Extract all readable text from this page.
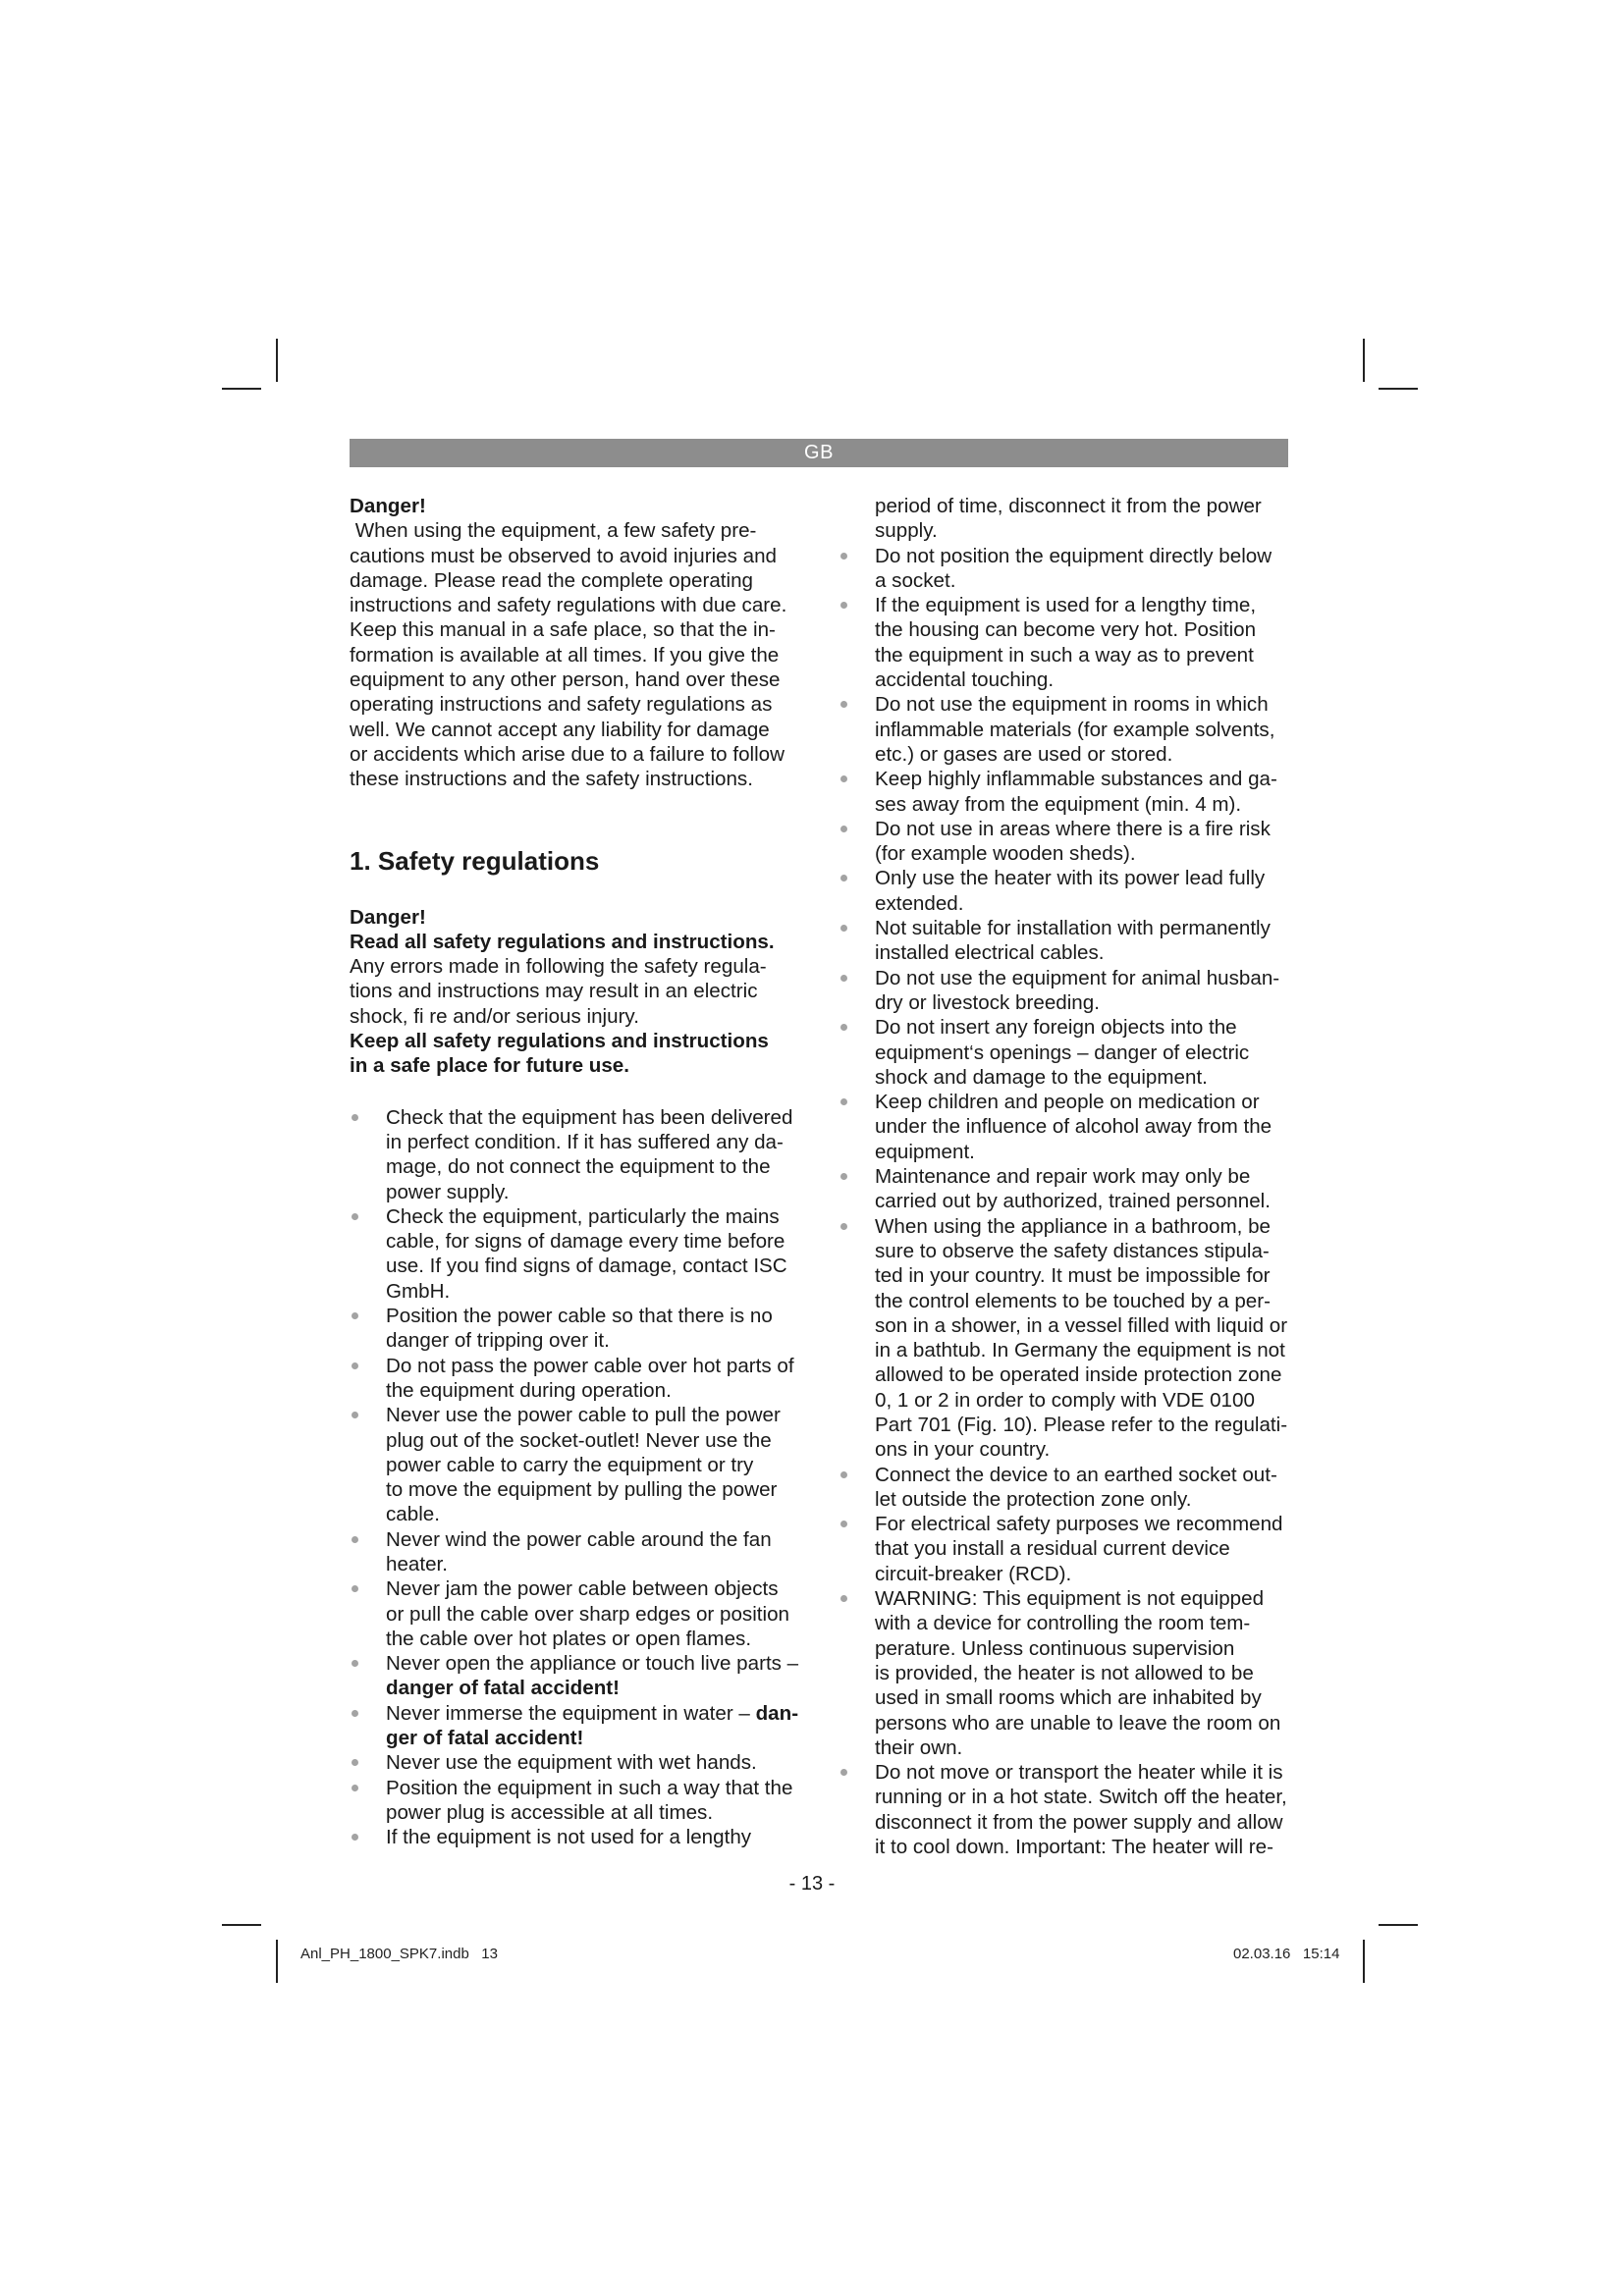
GB
Danger!
When using the equipment, a few safety pre-
cautions must be observed to avoid injuries and
damage. Please read the complete operating
instructions and safety regulations with due care.
Keep this manual in a safe place, so that the in-
formation is available at all times. If you give the
equipment to any other person, hand over these
operating instructions and safety regulations as
well. We cannot accept any liability for damage
or accidents which arise due to a failure to follow
these instructions and the safety instructions.
1. Safety regulations
Danger!
Read all safety regulations and instructions.
Any errors made in following the safety regula-
tions and instructions may result in an electric
shock, fi re and/or serious injury.
Keep all safety regulations and instructions
in a safe place for future use.
Check that the equipment has been delivered
in perfect condition. If it has suffered any da-
mage, do not connect the equipment to the
power supply.
Check the equipment, particularly the mains
cable, for signs of damage every time before
use. If you find signs of damage, contact ISC
GmbH.
Position the power cable so that there is no
danger of tripping over it.
Do not pass the power cable over hot parts of
the equipment during operation.
Never use the power cable to pull the power
plug out of the socket-outlet! Never use the
power cable to carry the equipment or try
to move the equipment by pulling the power
cable.
Never wind the power cable around the fan
heater.
Never jam the power cable between objects
or pull the cable over sharp edges or position
the cable over hot plates or open flames.
Never open the appliance or touch live parts –
danger of fatal accident!
Never immerse the equipment in water – dan-
ger of fatal accident!
Never use the equipment with wet hands.
Position the equipment in such a way that the
power plug is accessible at all times.
If the equipment is not used for a lengthy
period of time, disconnect it from the power
supply.
Do not position the equipment directly below
a socket.
If the equipment is used for a lengthy time,
the housing can become very hot. Position
the equipment in such a way as to prevent
accidental touching.
Do not use the equipment in rooms in which
inflammable materials (for example solvents,
etc.) or gases are used or stored.
Keep highly inflammable substances and ga-
ses away from the equipment (min. 4 m).
Do not use in areas where there is a fire risk
(for example wooden sheds).
Only use the heater with its power lead fully
extended.
Not suitable for installation with permanently
installed electrical cables.
Do not use the equipment for animal husban-
dry or livestock breeding.
Do not insert any foreign objects into the
equipment‘s openings – danger of electric
shock and damage to the equipment.
Keep children and people on medication or
under the influence of alcohol away from the
equipment.
Maintenance and repair work may only be
carried out by authorized, trained personnel.
When using the appliance in a bathroom, be
sure to observe the safety distances stipula-
ted in your country. It must be impossible for
the control elements to be touched by a per-
son in a shower, in a vessel filled with liquid or
in a bathtub. In Germany the equipment is not
allowed to be operated inside protection zone
0, 1 or 2 in order to comply with VDE 0100
Part 701 (Fig. 10). Please refer to the regulati-
ons in your country.
Connect the device to an earthed socket out-
let outside the protection zone only.
For electrical safety purposes we recommend
that you install a residual current device
circuit-breaker (RCD).
WARNING: This equipment is not equipped
with a device for controlling the room tem-
perature. Unless continuous supervision
is provided, the heater is not allowed to be
used in small rooms which are inhabited by
persons who are unable to leave the room on
their own.
Do not move or transport the heater while it is
running or in a hot state. Switch off the heater,
disconnect it from the power supply and allow
it to cool down. Important: The heater will re-
- 13 -
Anl_PH_1800_SPK7.indb   13	02.03.16   15:14
